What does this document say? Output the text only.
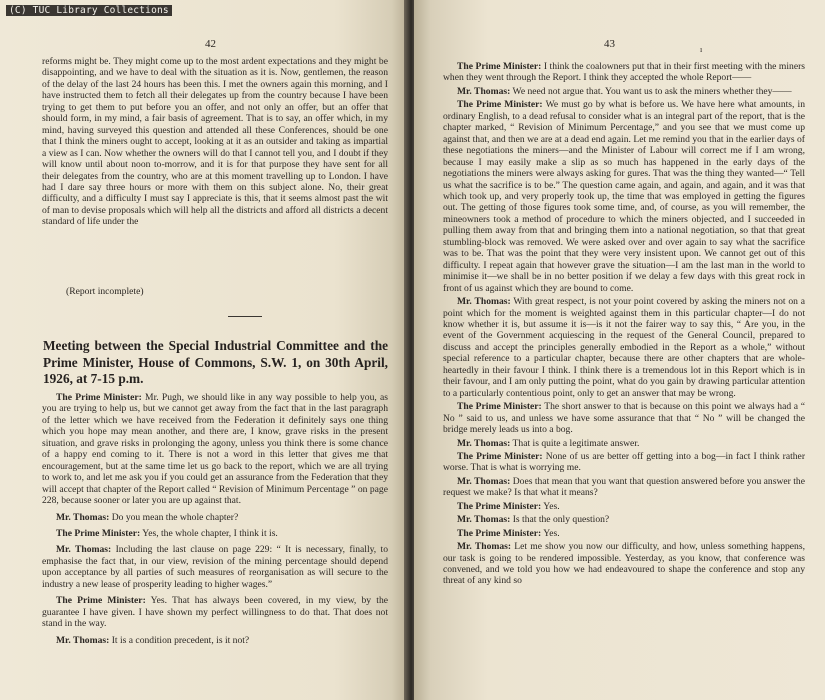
(C) TUC Library Collections
42

reforms might be. They might come up to the most ardent expectations and they might be disappointing, and we have to deal with the situation as it is. Now, gentlemen, the reason of the delay of the last 24 hours has been this. I met the owners again this morning, and I have instructed them to fetch all their delegates up from the country because I have been trying to get them to put before you an offer, and not only an offer, but an offer that should form, in my mind, a fair basis of agreement. That is to say, an offer which, in my mind, having surveyed this question and attended all these Conferences, should be one that I think the miners ought to accept, looking at it as an outsider and taking as impartial a view as I can. Now whether the owners will do that I cannot tell you, and I doubt if they will know until about noon to-morrow, and it is for that purpose they have sent for all their delegates from the country, who are at this moment travelling up to London. I have had I dare say three hours or more with them on this subject alone. No, their great difficulty, and a difficulty I must say I appreciate is this, that it seems almost past the wit of man to devise proposals which will help all the districts and afford all districts a decent standard of life under the

(Report incomplete)
Meeting between the Special Industrial Committee and the Prime Minister, House of Commons, S.W. 1, on 30th April, 1926, at 7-15 p.m.

The Prime Minister: Mr. Pugh, we should like in any way possible to help you, as you are trying to help us, but we cannot get away from the fact that in the last paragraph of the letter which we have received from the Federation it definitely says one thing which you hope may mean another, and there are, I know, grave risks in the present situation, and grave risks in prolonging the agony, unless you think there is some chance of a happy end coming to it. There is not a word in this letter that gives me that encouragement, but at the same time let us go back to the report, which we are all trying to work to, and let me ask you if you could get an assurance from the Federation that they will accept that chapter of the Report called “ Revision of Minimum Percentage ” on page 228, because sooner or later you are up against that.

Mr. Thomas: Do you mean the whole chapter?

The Prime Minister: Yes, the whole chapter, I think it is.

Mr. Thomas: Including the last clause on page 229: “ It is necessary, finally, to emphasise the fact that, in our view, revision of the mining percentage should depend upon acceptance by all parties of such measures of reorganisation as will secure to the industry a new lease of prosperity leading to higher wages.”

The Prime Minister: Yes. That has always been covered, in my view, by the guarantee I have given. I have shown my perfect willingness to do that. That does not stand in the way.

Mr. Thomas: It is a condition precedent, is it not?

43	ı

The Prime Minister: I think the coalowners put that in their first meeting with the miners when they went through the Report. I think they accepted the whole Report——

Mr. Thomas: We need not argue that. You want us to ask the miners whether they——

The Prime Minister: We must go by what is before us. We have here what amounts, in ordinary English, to a dead refusal to consider what is an integral part of the report, that is the chapter marked, “ Revision of Minimum Percentage,” and you see that we must come up against that, and then we are at a dead end again. Let me remind you that in the earlier days of these negotiations the miners—and the Minister of Labour will correct me if I am wrong, because I may easily make a slip as so much has happened in the early days of the negotiations the miners were always asking for gures. That was the thing they wanted—“ Tell us what the sacrifice is to be.” The question came again, and again, and again, and it was that which took up, and very properly took up, the time that was employed in getting the figures out. The getting of those figures took some time, and, of course, as you will remember, the mineowners took a method of procedure to which the miners objected, and I succeeded in pulling them away from that and bringing them into a national negotiation, so that that great stumbling-block was removed. We were asked over and over again to say what the sacrifice was to be. That was the point that they were very insistent upon. We cannot get out of this difficulty. I repeat again that however grave the situation—I am the last man in the world to minimise it—we shall be in no better position if we delay a few days with this great rock in front of us against which they are bound to come.

Mr. Thomas: With great respect, is not your point covered by asking the miners not on a point which for the moment is weighted against them in this particular chapter—I do not know whether it is, but assume it is—is it not the fairer way to say this, “ Are you, in the event of the Government acquiescing in the request of the General Council, prepared to discuss and accept the principles generally embodied in the Report as a whole,” without special reference to a particular chapter, because there are other chapters that are whole-heartedly in their favour I think. I think there is a tremendous lot in this Report which is in their favour, and I am only putting the point, what do you gain by drawing particular attention to a particularly contentious point, only to get an answer that may be wrong.

The Prime Minister: The short answer to that is because on this point we always had a “ No ” said to us, and unless we have some assurance that that “ No ” will be changed the bridge merely leads us into a bog.

Mr. Thomas: That is quite a legitimate answer.

The Prime Minister: None of us are better off getting into a bog—in fact I think rather worse. That is what is worrying me.

Mr. Thomas: Does that mean that you want that question answered before you answer the request we make? Is that what it means?

The Prime Minister: Yes.

Mr. Thomas: Is that the only question?

The Prime Minister: Yes.

Mr. Thomas: Let me show you now our difficulty, and how, unless something happens, our task is going to be rendered impossible. Yesterday, as you know, that conference was convened, and we told you how we had endeavoured to shape the conference and stop any threat of any kind so
